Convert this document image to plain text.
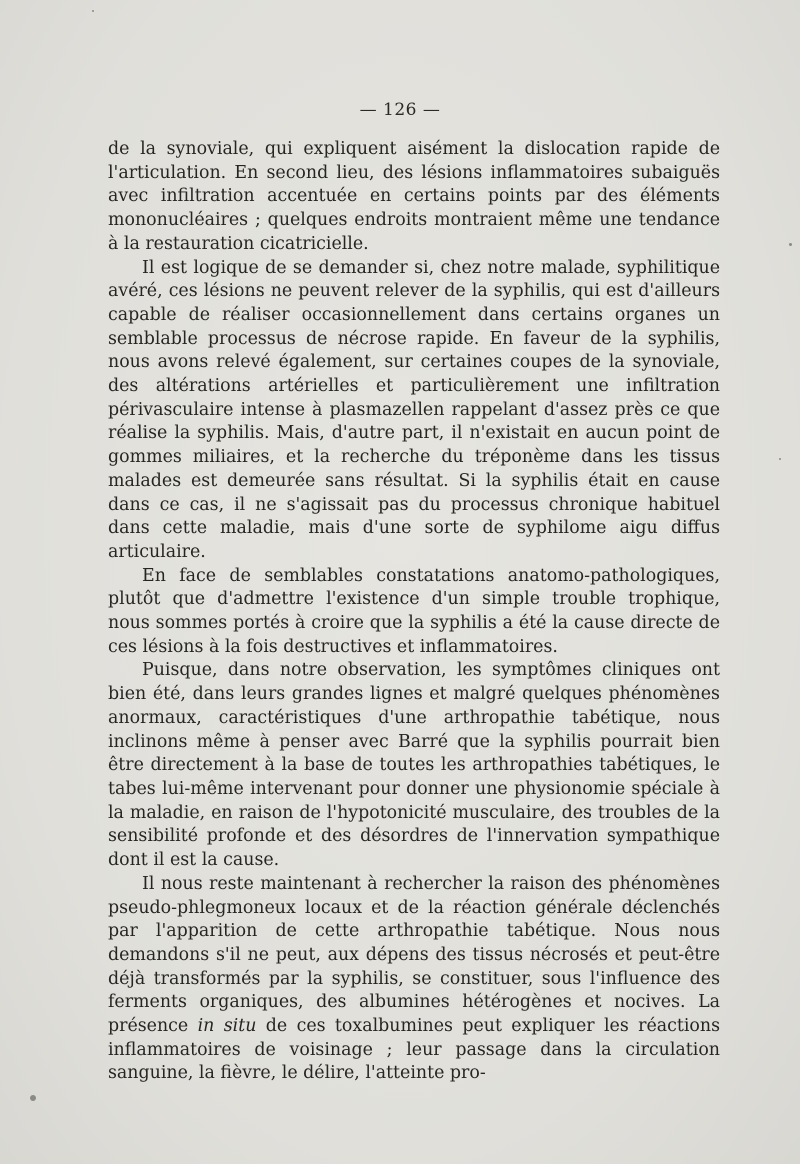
— 126 —

de la synoviale, qui expliquent aisément la dislocation rapide de l'articulation. En second lieu, des lésions inflammatoires subaiguës avec infiltration accentuée en certains points par des éléments mononucléaires ; quelques endroits montraient même une tendance à la restauration cicatricielle.

Il est logique de se demander si, chez notre malade, syphilitique avéré, ces lésions ne peuvent relever de la syphilis, qui est d'ailleurs capable de réaliser occasionnellement dans certains organes un semblable processus de nécrose rapide. En faveur de la syphilis, nous avons relevé également, sur certaines coupes de la synoviale, des altérations artérielles et particulièrement une infiltration périvasculaire intense à plasmazellen rappelant d'assez près ce que réalise la syphilis. Mais, d'autre part, il n'existait en aucun point de gommes miliaires, et la recherche du tréponème dans les tissus malades est demeurée sans résultat. Si la syphilis était en cause dans ce cas, il ne s'agissait pas du processus chronique habituel dans cette maladie, mais d'une sorte de syphilome aigu diffus articulaire.

En face de semblables constatations anatomo-pathologiques, plutôt que d'admettre l'existence d'un simple trouble trophique, nous sommes portés à croire que la syphilis a été la cause directe de ces lésions à la fois destructives et inflammatoires.

Puisque, dans notre observation, les symptômes cliniques ont bien été, dans leurs grandes lignes et malgré quelques phénomènes anormaux, caractéristiques d'une arthropathie tabétique, nous inclinons même à penser avec Barré que la syphilis pourrait bien être directement à la base de toutes les arthropathies tabétiques, le tabes lui-même intervenant pour donner une physionomie spéciale à la maladie, en raison de l'hypotonicité musculaire, des troubles de la sensibilité profonde et des désordres de l'innervation sympathique dont il est la cause.

Il nous reste maintenant à rechercher la raison des phénomènes pseudo-phlegmoneux locaux et de la réaction générale déclenchés par l'apparition de cette arthropathie tabétique. Nous nous demandons s'il ne peut, aux dépens des tissus nécrosés et peut-être déjà transformés par la syphilis, se constituer, sous l'influence des ferments organiques, des albumines hétérogènes et nocives. La présence in situ de ces toxalbumines peut expliquer les réactions inflammatoires de voisinage ; leur passage dans la circulation sanguine, la fièvre, le délire, l'atteinte pro-
